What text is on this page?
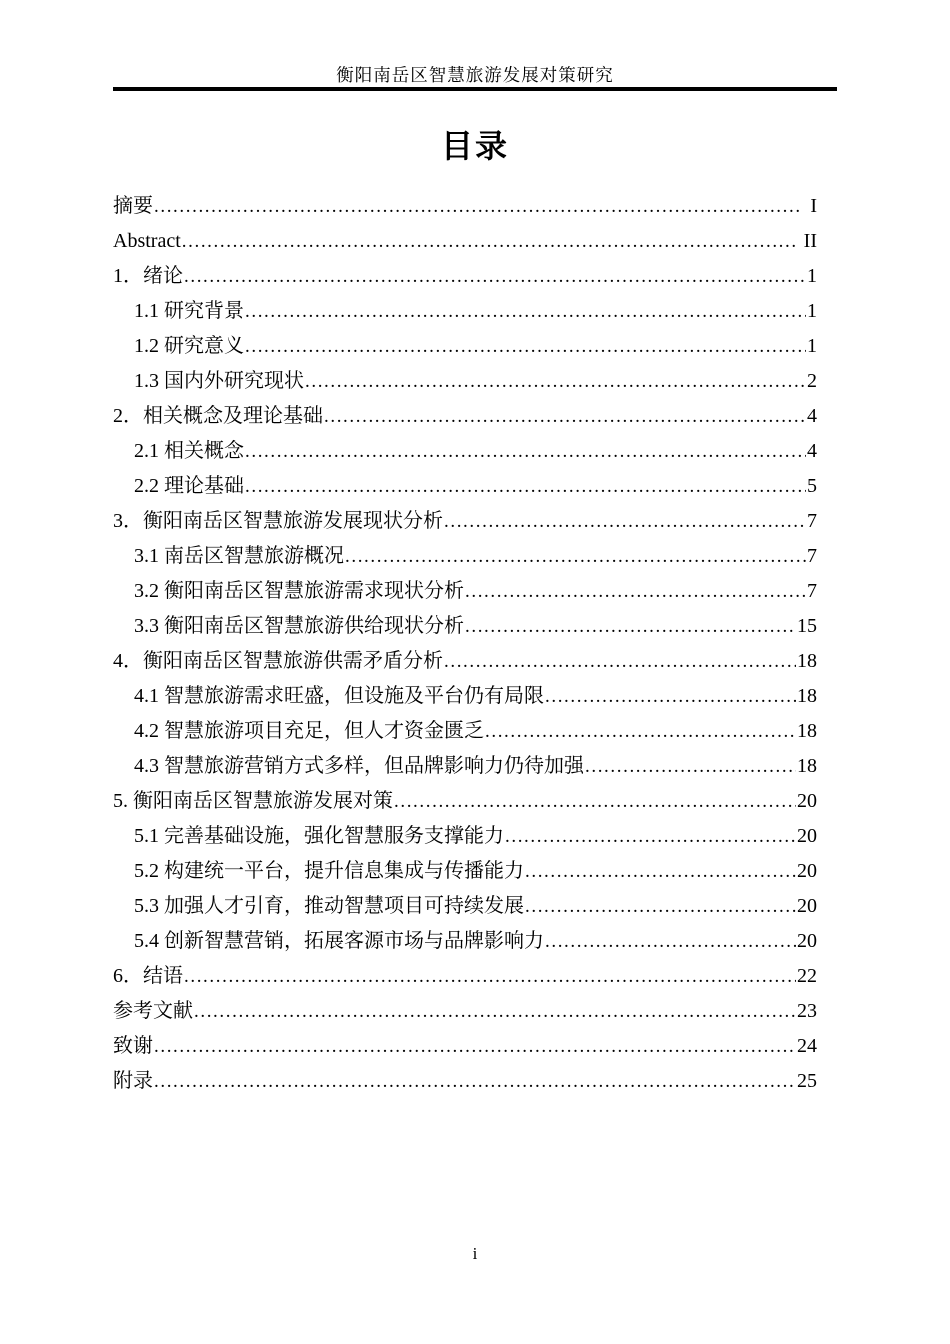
衡阳南岳区智慧旅游发展对策研究
目录
摘要 .....	I
Abstract .....	II
1．绪论 .....	1
1.1 研究背景 .....	1
1.2 研究意义 .....	1
1.3 国内外研究现状 .....	2
2．相关概念及理论基础 .....	4
2.1 相关概念 .....	4
2.2 理论基础 .....	5
3．衡阳南岳区智慧旅游发展现状分析 .....	7
3.1 南岳区智慧旅游概况 .....	7
3.2 衡阳南岳区智慧旅游需求现状分析 .....	7
3.3 衡阳南岳区智慧旅游供给现状分析 .....	15
4．衡阳南岳区智慧旅游供需矛盾分析 .....	18
4.1 智慧旅游需求旺盛，但设施及平台仍有局限 .....	18
4.2 智慧旅游项目充足，但人才资金匮乏 .....	18
4.3 智慧旅游营销方式多样，但品牌影响力仍待加强 .....	18
5. 衡阳南岳区智慧旅游发展对策 .....	20
5.1 完善基础设施，强化智慧服务支撑能力 .....	20
5.2 构建统一平台，提升信息集成与传播能力 .....	20
5.3 加强人才引育，推动智慧项目可持续发展 .....	20
5.4 创新智慧营销，拓展客源市场与品牌影响力 .....	20
6．结语 .....	22
参考文献 .....	23
致谢 .....	24
附录 .....	25
i
